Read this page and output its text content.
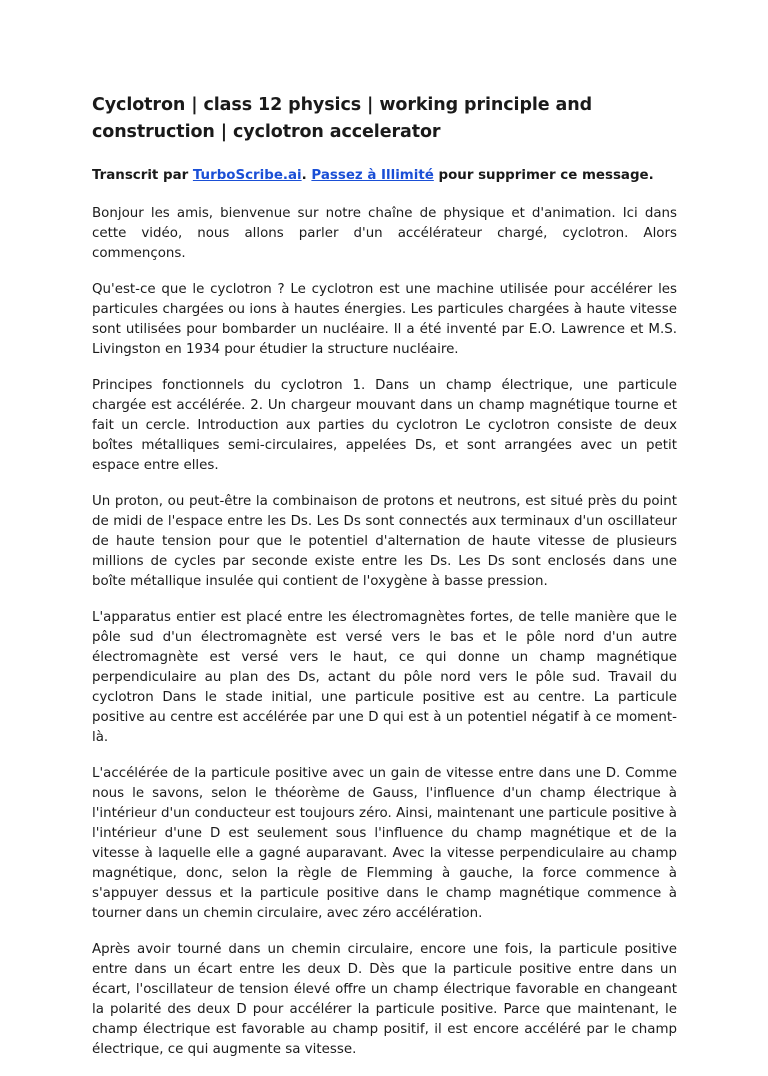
Cyclotron | class 12 physics | working principle and construction | cyclotron accelerator

Transcrit par TurboScribe.ai. Passez à Illimité pour supprimer ce message.

Bonjour les amis, bienvenue sur notre chaîne de physique et d'animation. Ici dans cette vidéo, nous allons parler d'un accélérateur chargé, cyclotron. Alors commençons.

Qu'est-ce que le cyclotron ? Le cyclotron est une machine utilisée pour accélérer les particules chargées ou ions à hautes énergies. Les particules chargées à haute vitesse sont utilisées pour bombarder un nucléaire. Il a été inventé par E.O. Lawrence et M.S. Livingston en 1934 pour étudier la structure nucléaire.

Principes fonctionnels du cyclotron 1. Dans un champ électrique, une particule chargée est accélérée. 2. Un chargeur mouvant dans un champ magnétique tourne et fait un cercle. Introduction aux parties du cyclotron Le cyclotron consiste de deux boîtes métalliques semi-circulaires, appelées Ds, et sont arrangées avec un petit espace entre elles.

Un proton, ou peut-être la combinaison de protons et neutrons, est situé près du point de midi de l'espace entre les Ds. Les Ds sont connectés aux terminaux d'un oscillateur de haute tension pour que le potentiel d'alternation de haute vitesse de plusieurs millions de cycles par seconde existe entre les Ds. Les Ds sont enclosés dans une boîte métallique insulée qui contient de l'oxygène à basse pression.

L'apparatus entier est placé entre les électromagnètes fortes, de telle manière que le pôle sud d'un électromagnète est versé vers le bas et le pôle nord d'un autre électromagnète est versé vers le haut, ce qui donne un champ magnétique perpendiculaire au plan des Ds, actant du pôle nord vers le pôle sud. Travail du cyclotron Dans le stade initial, une particule positive est au centre. La particule positive au centre est accélérée par une D qui est à un potentiel négatif à ce moment-là.

L'accélérée de la particule positive avec un gain de vitesse entre dans une D. Comme nous le savons, selon le théorème de Gauss, l'influence d'un champ électrique à l'intérieur d'un conducteur est toujours zéro. Ainsi, maintenant une particule positive à l'intérieur d'une D est seulement sous l'influence du champ magnétique et de la vitesse à laquelle elle a gagné auparavant. Avec la vitesse perpendiculaire au champ magnétique, donc, selon la règle de Flemming à gauche, la force commence à s'appuyer dessus et la particule positive dans le champ magnétique commence à tourner dans un chemin circulaire, avec zéro accélération.

Après avoir tourné dans un chemin circulaire, encore une fois, la particule positive entre dans un écart entre les deux D. Dès que la particule positive entre dans un écart, l'oscillateur de tension élevé offre un champ électrique favorable en changeant la polarité des deux D pour accélérer la particule positive. Parce que maintenant, le champ électrique est favorable au champ positif, il est encore accéléré par le champ électrique, ce qui augmente sa vitesse.
